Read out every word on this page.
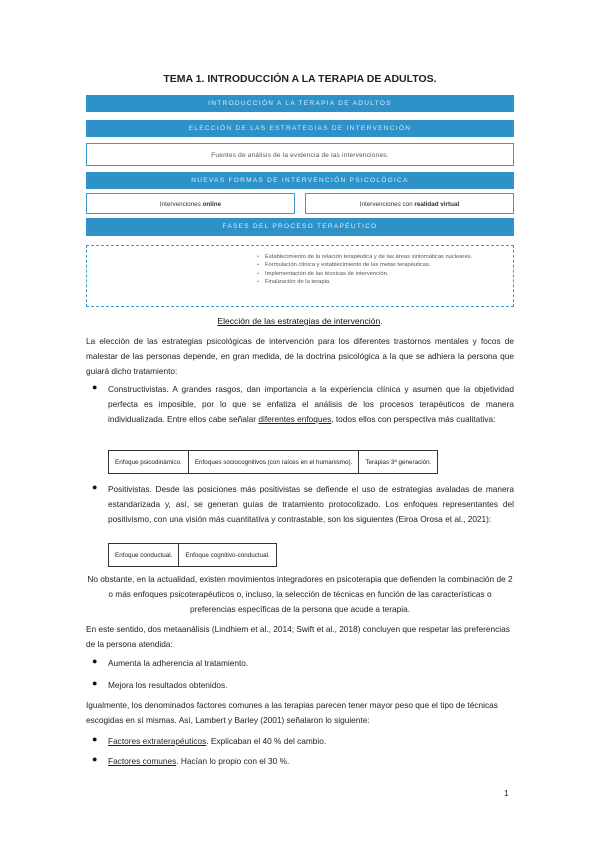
TEMA 1. INTRODUCCIÓN A LA TERAPIA DE ADULTOS.
INTRODUCCIÓN A LA TERAPIA DE ADULTOS
ELECCIÓN DE LAS ESTRATEGIAS DE INTERVENCIÓN
Fuentes de análisis de la evidencia de las intervenciones.
NUEVAS FORMAS DE INTERVENCIÓN PSICOLÓGICA
Intervenciones online	Intervenciones con realidad virtual
FASES DEL PROCESO TERAPÉUTICO
• Establecimiento de la relación terapéutica y de las áreas sintomáticas nucleares.
• Formulación clínica y establecimiento de las metas terapéuticas.
• Implementación de las técnicas de intervención.
• Finalización de la terapia.
Elección de las estrategias de intervención.
La elección de las estrategias psicológicas de intervención para los diferentes trastornos mentales y focos de malestar de las personas depende, en gran medida, de la doctrina psicológica a la que se adhiera la persona que guiará dicho tratamiento:
● Constructivistas. A grandes rasgos, dan importancia a la experiencia clínica y asumen que la objetividad perfecta es imposible, por lo que se enfatiza el análisis de los procesos terapéuticos de manera individualizada. Entre ellos cabe señalar diferentes enfoques, todos ellos con perspectiva más cualitativa:
Enfoque psicodinámico.	Enfoques sociocognitivos (con raíces en el humanismo).	Terapias 3ª generación.
● Positivistas. Desde las posiciones más positivistas se defiende el uso de estrategias avaladas de manera estandarizada y, así, se generan guías de tratamiento protocolizado. Los enfoques representantes del positivismo, con una visión más cuantitativa y contrastable, son los siguientes (Eiroa Orosa et al., 2021):
Enfoque conductual.	Enfoque cognitivo-conductual.
No obstante, en la actualidad, existen movimientos integradores en psicoterapia que defienden la combinación de 2 o más enfoques psicoterapéuticos o, incluso, la selección de técnicas en función de las características o preferencias específicas de la persona que acude a terapia.
En este sentido, dos metaanálisis (Lindhiem et al., 2014; Swift et al., 2018) concluyen que respetar las preferencias de la persona atendida:
● Aumenta la adherencia al tratamiento.
● Mejora los resultados obtenidos.
Igualmente, los denominados factores comunes a las terapias parecen tener mayor peso que el tipo de técnicas escogidas en sí mismas. Así, Lambert y Barley (2001) señalaron lo siguiente:
● Factores extraterapéuticos. Explicaban el 40 % del cambio.
● Factores comunes. Hacían lo propio con el 30 %.
1
